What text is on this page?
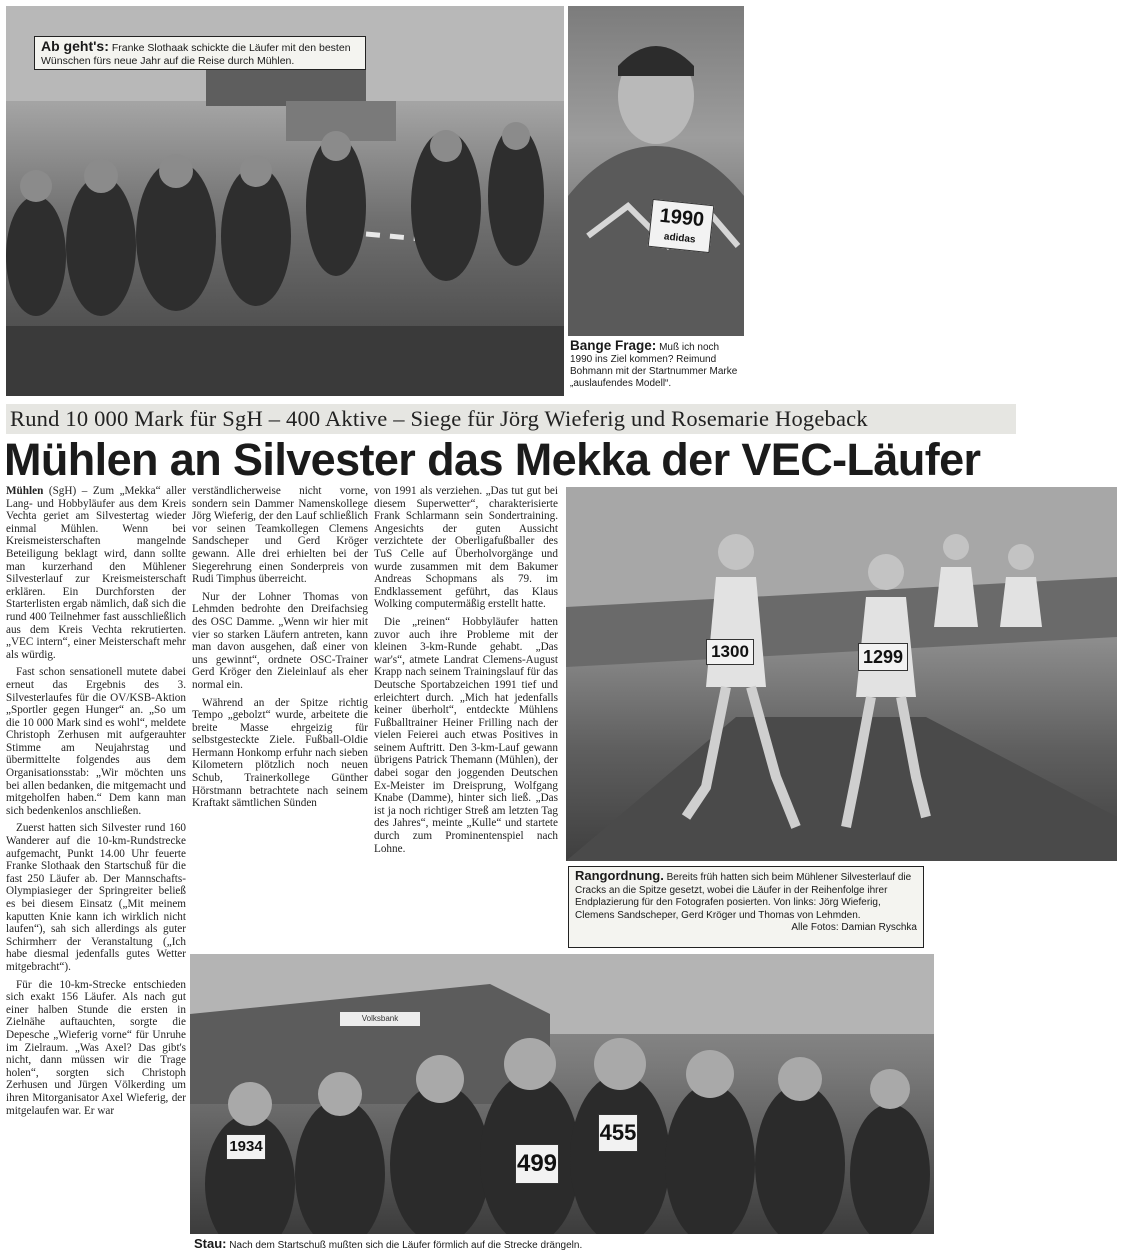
Ab geht's: Franke Slothaak schickte die Läufer mit den besten Wünschen fürs neue Jahr auf die Reise durch Mühlen.
1990
adidas
Bange Frage: Muß ich noch 1990 ins Ziel kommen? Reimund Bohmann mit der Startnummer Marke „auslaufendes Modell“.
Rund 10 000 Mark für SgH – 400 Aktive – Siege für Jörg Wieferig und Rosemarie Hogeback
Mühlen an Silvester das Mekka der VEC-Läufer

Mühlen (SgH) – Zum „Mekka“ aller Lang- und Hobbyläufer aus dem Kreis Vechta geriet am Silvestertag wieder einmal Mühlen. Wenn bei Kreismeisterschaften mangelnde Beteiligung beklagt wird, dann sollte man kurzerhand den Mühlener Silvesterlauf zur Kreismeisterschaft erklären. Ein Durchforsten der Starterlisten ergab nämlich, daß sich die rund 400 Teilnehmer fast ausschließlich aus dem Kreis Vechta rekrutierten. „VEC intern“, einer Meisterschaft mehr als würdig.

Fast schon sensationell mutete dabei erneut das Ergebnis des 3. Silvesterlaufes für die OV/KSB-Aktion „Sportler gegen Hunger“ an. „So um die 10 000 Mark sind es wohl“, meldete Christoph Zerhusen mit aufgerauhter Stimme am Neujahrstag und übermittelte folgendes aus dem Organisationsstab: „Wir möchten uns bei allen bedanken, die mitgemacht und mitgeholfen haben.“ Dem kann man sich bedenkenlos anschließen.

Zuerst hatten sich Silvester rund 160 Wanderer auf die 10-km-Rundstrecke aufgemacht, Punkt 14.00 Uhr feuerte Franke Slothaak den Startschuß für die fast 250 Läufer ab. Der Mannschafts-Olympiasieger der Springreiter beließ es bei diesem Einsatz („Mit meinem kaputten Knie kann ich wirklich nicht laufen“), sah sich allerdings als guter Schirmherr der Veranstaltung („Ich habe diesmal jedenfalls gutes Wetter mitgebracht“).

Für die 10-km-Strecke entschieden sich exakt 156 Läufer. Als nach gut einer halben Stunde die ersten in Zielnähe auftauchten, sorgte die Depesche „Wieferig vorne“ für Unruhe im Zielraum. „Was Axel? Das gibt's nicht, dann müssen wir die Trage holen“, sorgten sich Christoph Zerhusen und Jürgen Völkerding um ihren Mitorganisator Axel Wieferig, der mitgelaufen war. Er war

verständlicherweise nicht vorne, sondern sein Dammer Namenskollege Jörg Wieferig, der den Lauf schließlich vor seinen Teamkollegen Clemens Sandscheper und Gerd Kröger gewann. Alle drei erhielten bei der Siegerehrung einen Sonderpreis von Rudi Timphus überreicht.

Nur der Lohner Thomas von Lehmden bedrohte den Dreifachsieg des OSC Damme. „Wenn wir hier mit vier so starken Läufern antreten, kann man davon ausgehen, daß einer von uns gewinnt“, ordnete OSC-Trainer Gerd Kröger den Zieleinlauf als eher normal ein.

Während an der Spitze richtig Tempo „gebolzt“ wurde, arbeitete die breite Masse ehrgeizig für selbstgesteckte Ziele. Fußball-Oldie Hermann Honkomp erfuhr nach sieben Kilometern plötzlich noch neuen Schub, Trainerkollege Günther Hörstmann betrachtete nach seinem Kraftakt sämtlichen Sünden

von 1991 als verziehen. „Das tut gut bei diesem Superwetter“, charakterisierte Frank Schlarmann sein Sondertraining. Angesichts der guten Aussicht verzichtete der Oberligafußballer des TuS Celle auf Überholvorgänge und wurde zusammen mit dem Bakumer Andreas Schopmans als 79. im Endklassement geführt, das Klaus Wolking computermäßig erstellt hatte.

Die „reinen“ Hobbyläufer hatten zuvor auch ihre Probleme mit der kleinen 3-km-Runde gehabt. „Das war's“, atmete Landrat Clemens-August Krapp nach seinem Trainingslauf für das Deutsche Sportabzeichen 1991 tief und erleichtert durch. „Mich hat jedenfalls keiner überholt“, entdeckte Mühlens Fußballtrainer Heiner Frilling nach der vielen Feierei auch etwas Positives in seinem Auftritt. Den 3-km-Lauf gewann übrigens Patrick Themann (Mühlen), der dabei sogar den joggenden Deutschen Ex-Meister im Dreisprung, Wolfgang Knabe (Damme), hinter sich ließ. „Das ist ja noch richtiger Streß am letzten Tag des Jahres“, meinte „Kulle“ und startete durch zum Prominentenspiel nach Lohne.

1300	1299
Rangordnung. Bereits früh hatten sich beim Mühlener Silvesterlauf die Cracks an die Spitze gesetzt, wobei die Läufer in der Reihenfolge ihrer Endplazierung für den Fotografen posierten. Von links: Jörg Wieferig, Clemens Sandscheper, Gerd Kröger und Thomas von Lehmden.
Alle Fotos: Damian Ryschka
Volksbank
1934
499
455
Stau: Nach dem Startschuß mußten sich die Läufer förmlich auf die Strecke drängeln.
